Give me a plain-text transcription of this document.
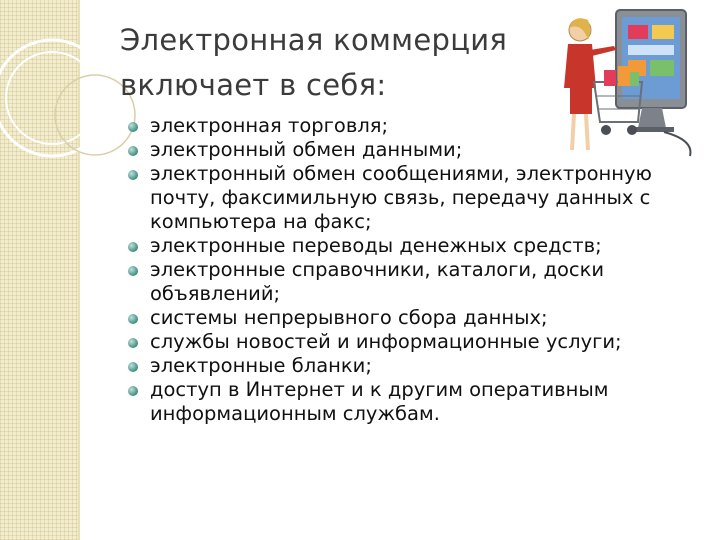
Электронная коммерция
включает в себя:
электронная торговля;
электронный обмен данными;
электронный обмен сообщениями, электронную почту, факсимильную связь, передачу данных с компьютера на факс;
электронные переводы денежных средств;
электронные справочники, каталоги, доски объявлений;
системы непрерывного сбора данных;
службы новостей и информационные услуги;
электронные бланки;
доступ в Интернет и к другим оперативным информационным службам.
